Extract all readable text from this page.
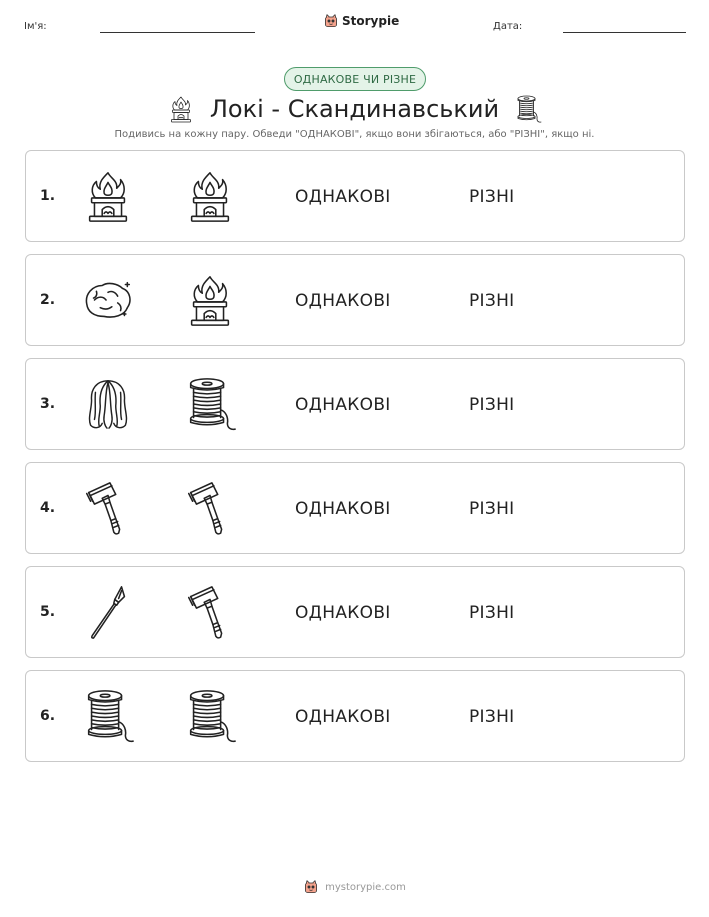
Ім'я:	Storypie	Дата:
ОДНАКОВЕ ЧИ РІЗНЕ
Локі - Скандинавський
Подивись на кожну пару. Обведи "ОДНАКОВІ", якщо вони збігаються, або "РІЗНІ", якщо ні.
1.	ОДНАКОВІ	РІЗНІ
2.	ОДНАКОВІ	РІЗНІ
3.	ОДНАКОВІ	РІЗНІ
4.	ОДНАКОВІ	РІЗНІ
5.	ОДНАКОВІ	РІЗНІ
6.	ОДНАКОВІ	РІЗНІ
mystorypie.com
